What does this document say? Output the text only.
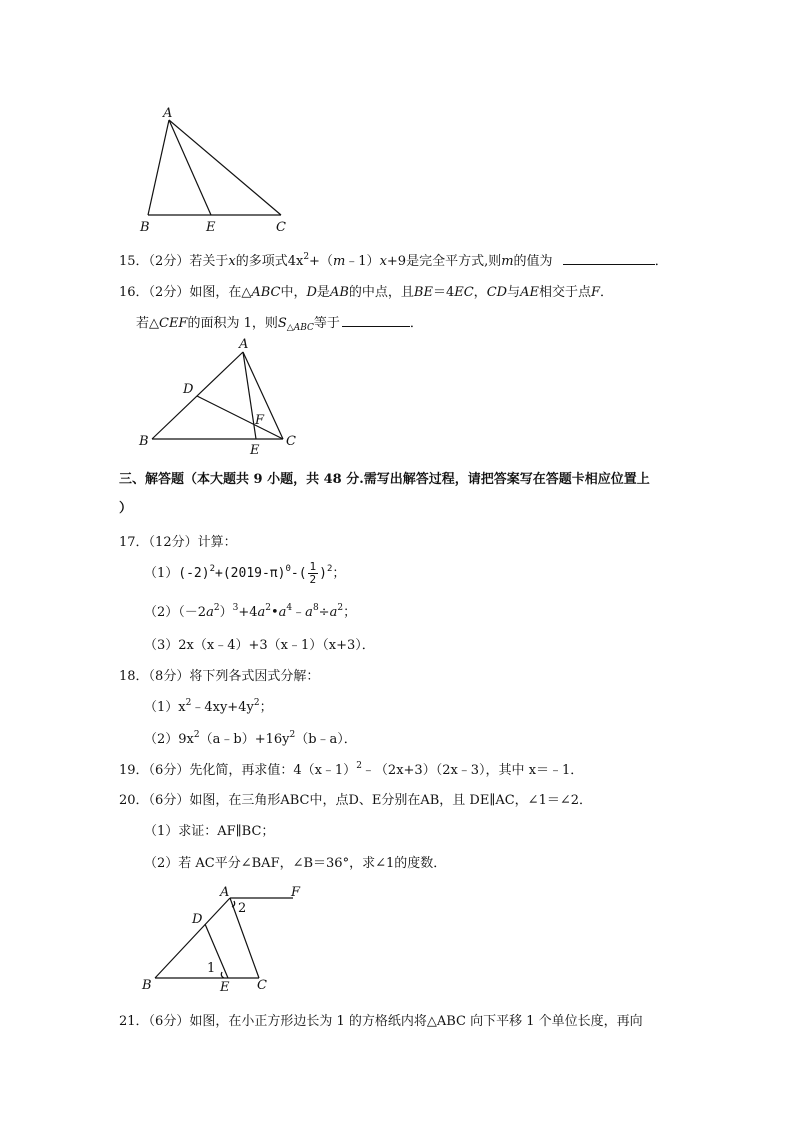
A
B	E	C
15．（2分）若关于x的多项式$4x^2+(m﹣1)x+9$是完全平方式,则m的值为	．
16．（2分）如图，在△ABC中，D是AB的中点，且BE＝4EC，CD与AE相交于点F．
若△CEF的面积为 1，则$S_{\triangle ABC}$等于	．
A
D
F
B
E
C
三、解答题（本大题共 9 小题，共 48 分.需写出解答过程，请把答案写在答题卡相应位置上
）
17．（12分）计算：
$(1)(-2)^2+(2019-\pi)^0-( \frac{1}{2} )^2$；
$(2)(-2a^2)^3+4a^2•a^4﹣a^8\div a^2$；
（3）2x（x﹣4）+3（x﹣1）（x+3）．
18．（8分）将下列各式因式分解：
$(1)x^2﹣4xy+4y^2$；
$(2)9x^2(a﹣b)+16y^2(b﹣a)$．
19．（6分）先化简，再求值：4（x﹣1）$^2$﹣（2x+3）（2x﹣3），其中 x＝﹣1．
20．（6分）如图，在三角形ABC中，点D、E分别在AB，且 DE∥AC，∠1＝∠2．
（1）求证：AF∥BC；
（2）若 AC平分∠BAF，∠B＝36°，求∠1的度数．
A	F
2
D
1
B	E C
21．（6分）如图，在小正方形边长为 1 的方格纸内将△ABC 向下平移 1 个单位长度，再向
